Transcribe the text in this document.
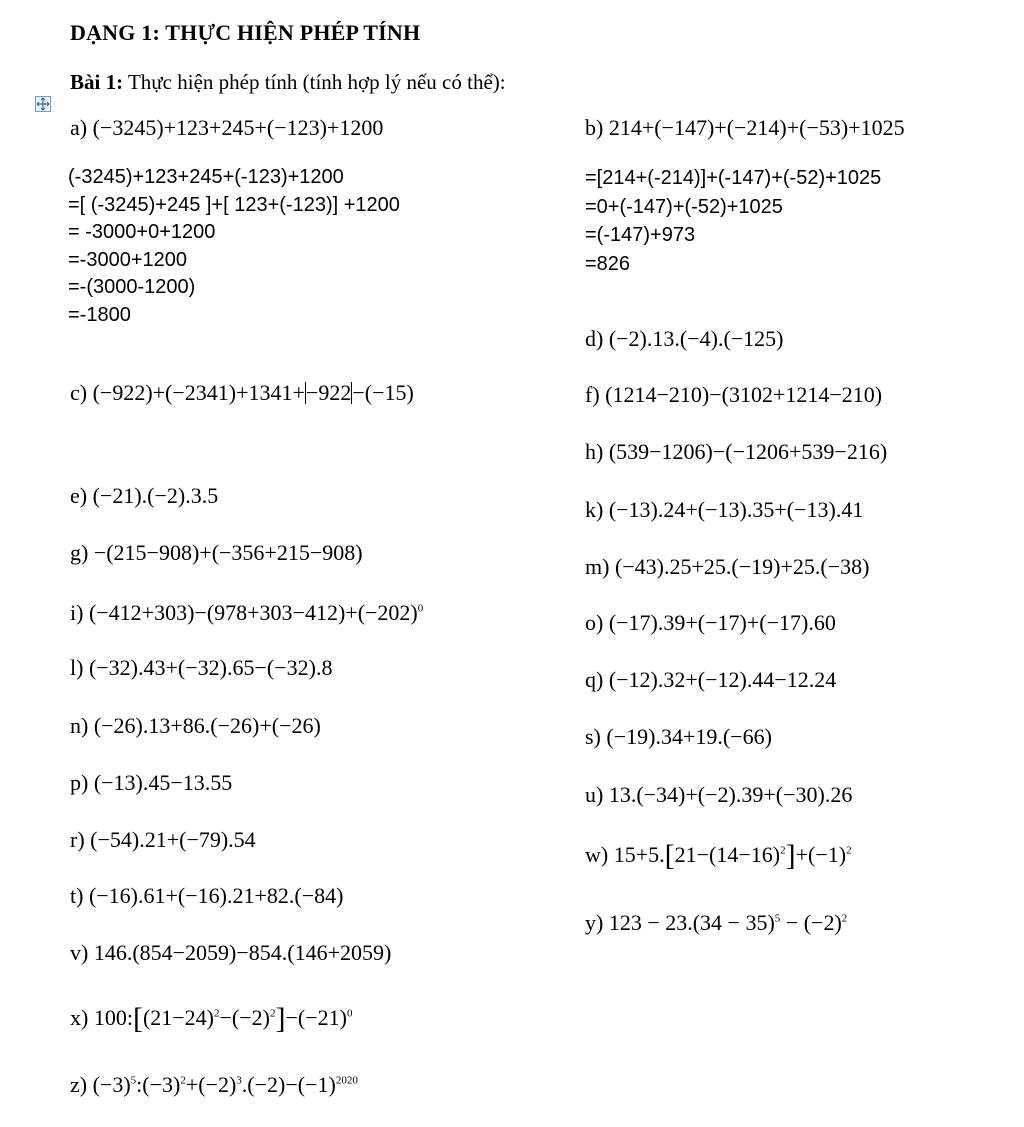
DẠNG 1: THỰC HIỆN PHÉP TÍNH
Bài 1: Thực hiện phép tính (tính hợp lý nếu có thể):
a) (−3245)+123+245+(−123)+1200
(-3245)+123+245+(-123)+1200
=[ (-3245)+245 ]+[ 123+(-123)] +1200
= -3000+0+1200
=-3000+1200
=-(3000-1200)
=-1800
c) (−922)+(−2341)+1341+−922−(−15)
e) (−21).(−2).3.5
g) −(215−908)+(−356+215−908)
i) $(-412+303)-(978+303-412)+(-202)^0$
l) (−32).43+(−32).65−(−32).8
n) (−26).13+86.(−26)+(−26)
p) (−13).45−13.55
r) (−54).21+(−79).54
t) (−16).61+(−16).21+82.(−84)
v) 146.(854−2059)−854.(146+2059)
x) $100:[(21-24)^2-(-2)^2]-(-21)^0$
z) $(-3)^5:(-3)^2+(-2)^3.(-2)-(-1)^{2020}$
b) 214+(−147)+(−214)+(−53)+1025
=[214+(-214)]+(-147)+(-52)+1025
=0+(-147)+(-52)+1025
=(-147)+973
=826
d) (−2).13.(−4).(−125)
f) (1214−210)−(3102+1214−210)
h) (539−1206)−(−1206+539−216)
k) (−13).24+(−13).35+(−13).41
m) (−43).25+25.(−19)+25.(−38)
o) (−17).39+(−17)+(−17).60
q) (−12).32+(−12).44−12.24
s) (−19).34+19.(−66)
u) 13.(−34)+(−2).39+(−30).26
w) $15+5.[21-(14-16)^2]+(-1)^2$
y) $123 - 23.(34 - 35)^5 - (-2)^2$
